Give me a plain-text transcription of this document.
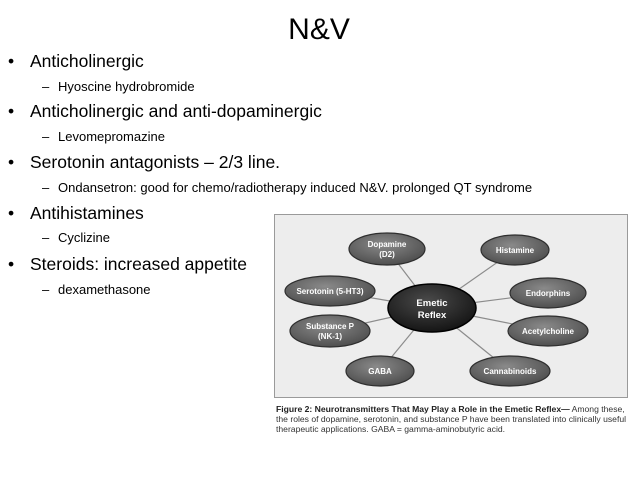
N&V
• Anticholinergic
– Hyoscine hydrobromide
• Anticholinergic and anti-dopaminergic
– Levomepromazine
• Serotonin antagonists – 2/3 line.
– Ondansetron: good for chemo/radiotherapy induced N&V. prolonged QT syndrome
• Antihistamines
– Cyclizine
• Steroids: increased appetite
– dexamethasone
Dopamine
(D2)	Histamine
Serotonin (5-HT3)	Endorphins
Substance P
(NK-1)
Acetylcholine
GABA	Cannabinoids
Emetic
Reflex
Figure 2: Neurotransmitters That May Play a Role in the Emetic Reflex— Among these, the roles of dopamine, serotonin, and substance P have been translated into clinically useful therapeutic applications. GABA = gamma-aminobutyric acid.
